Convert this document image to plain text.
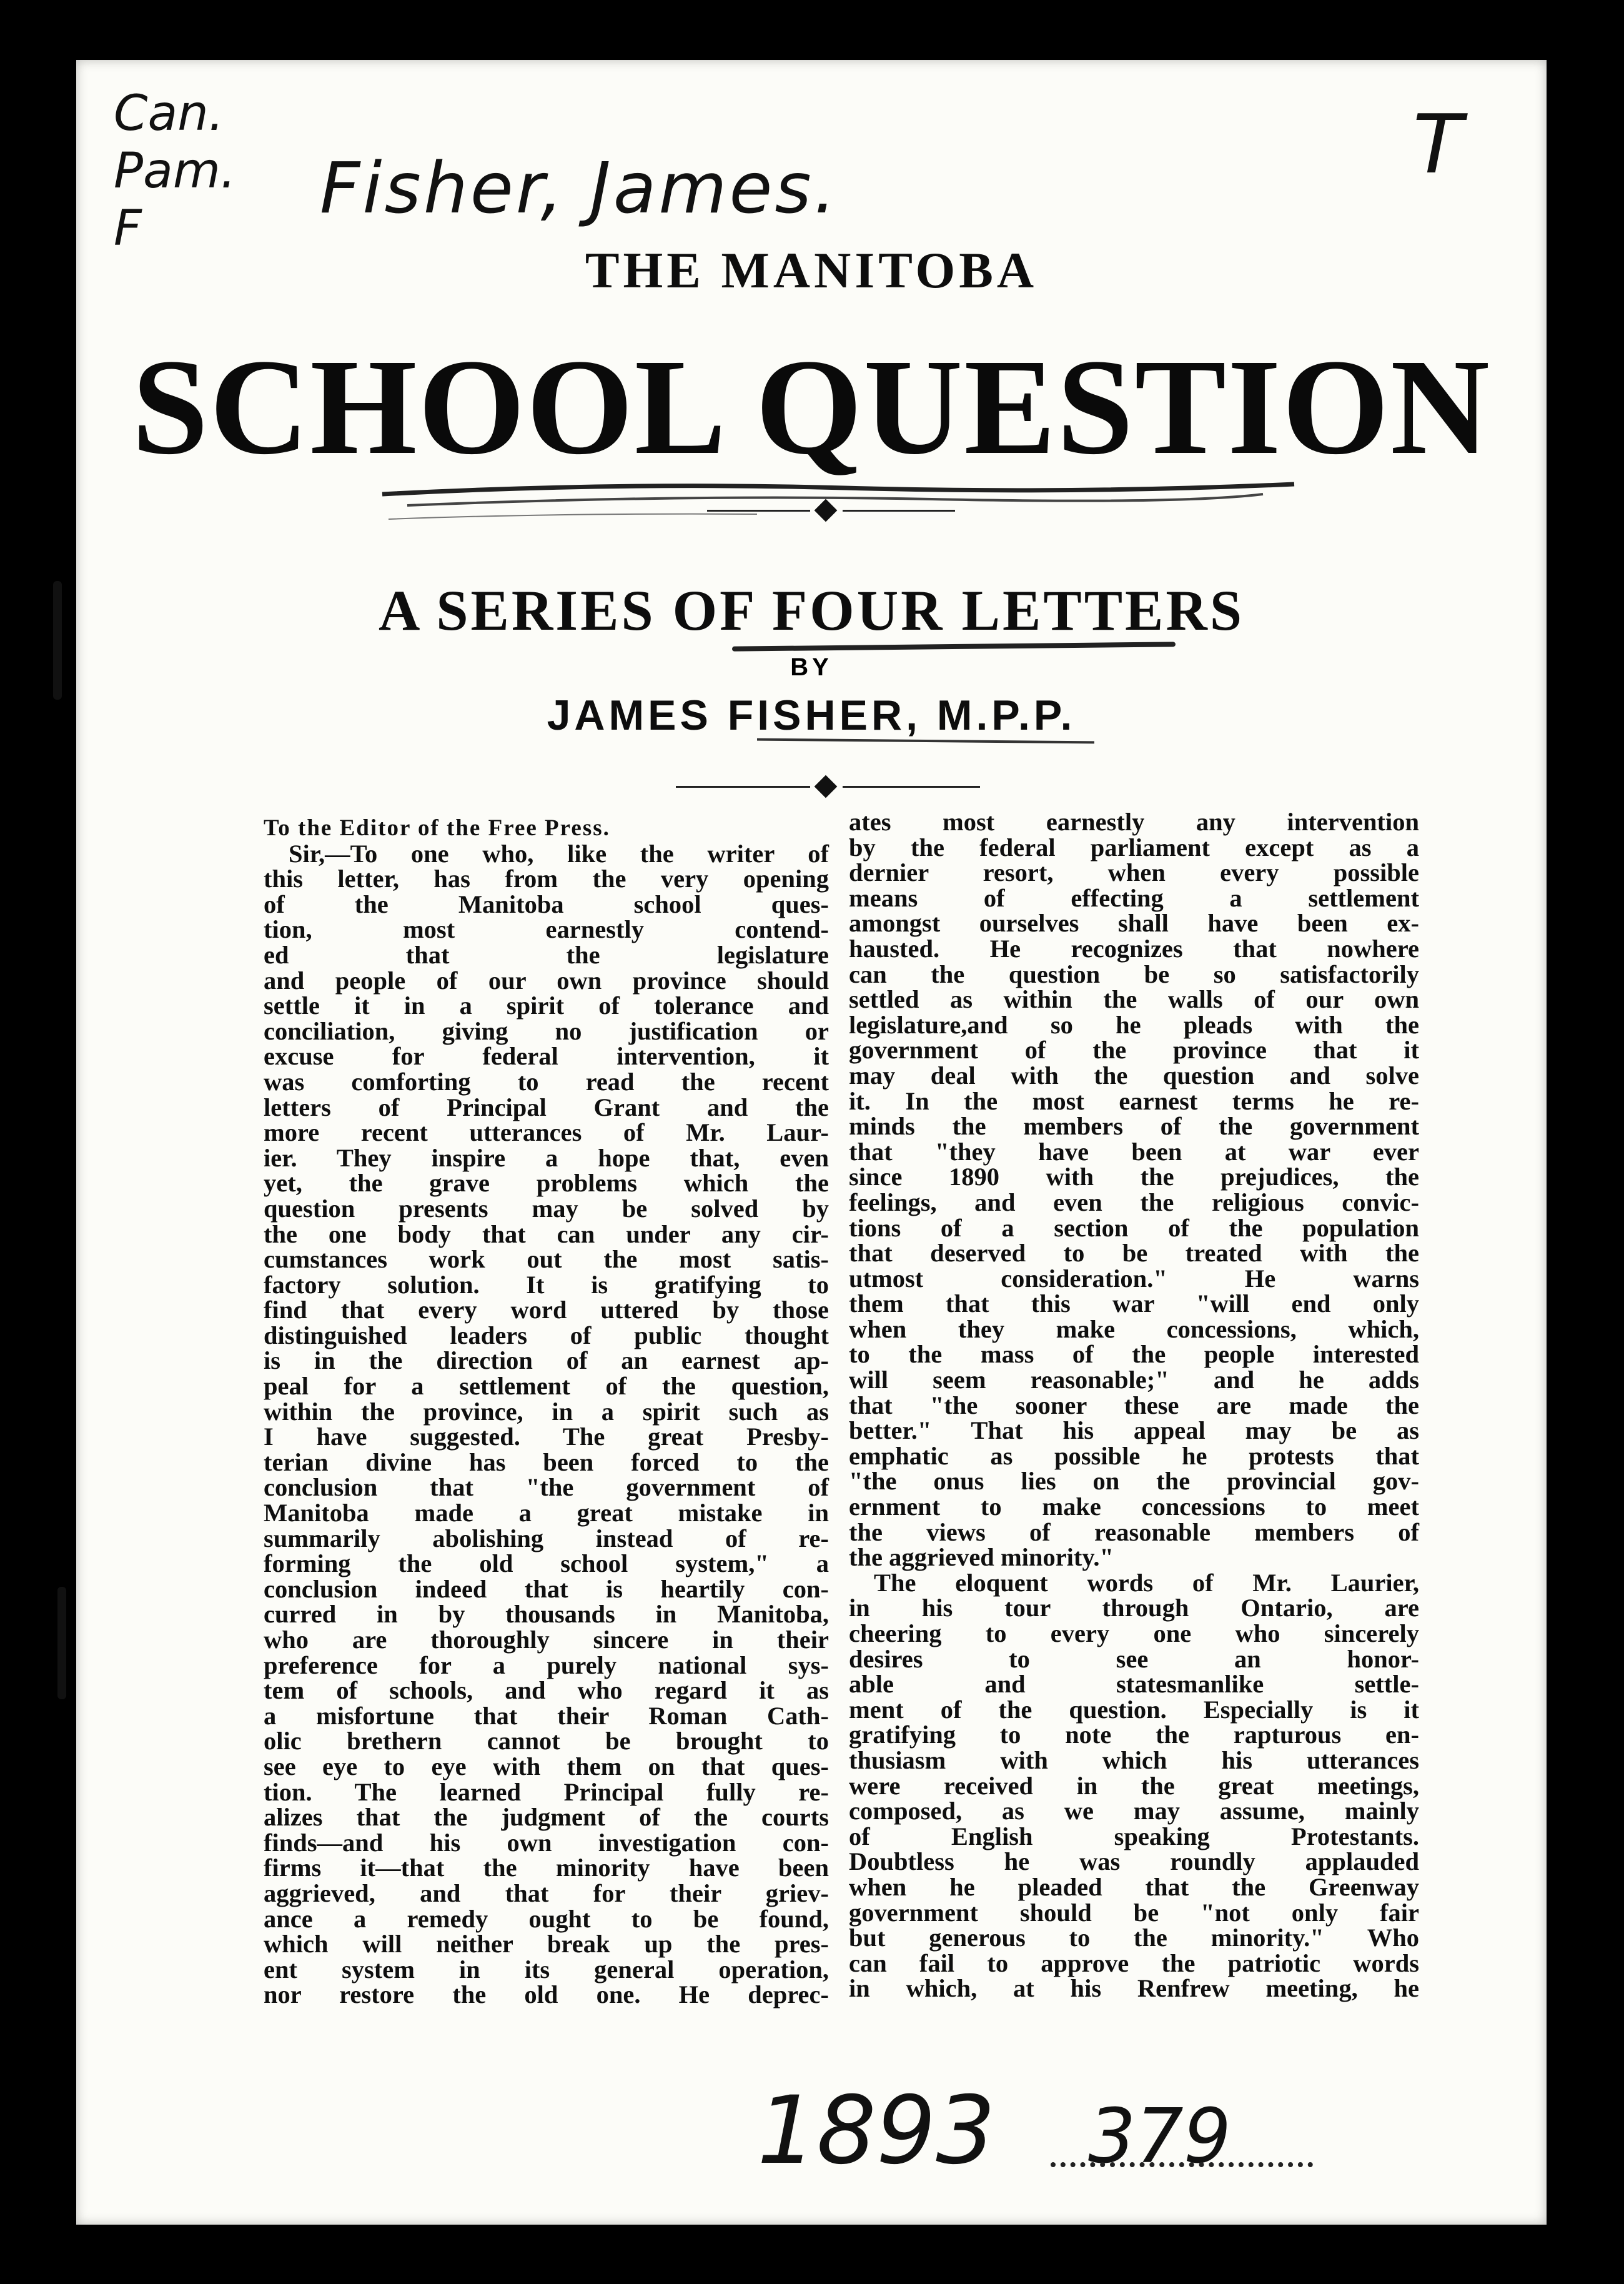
Can.
Pam.
F	Fisher, James.	T
THE MANITOBA
SCHOOL QUESTION
A SERIES OF FOUR LETTERS
BY
JAMES FISHER, M.P.P.
To the Editor of the Free Press.
Sir,—To one who, like the writer of
this letter, has from the very opening
of the Manitoba school ques-
tion, most earnestly contend-
ed that the legislature
and people of our own province should
settle it in a spirit of tolerance and
conciliation, giving no justification or
excuse for federal intervention, it
was comforting to read the recent
letters of Principal Grant and the
more recent utterances of Mr. Laur-
ier. They inspire a hope that, even
yet, the grave problems which the
question presents may be solved by
the one body that can under any cir-
cumstances work out the most satis-
factory solution. It is gratifying to
find that every word uttered by those
distinguished leaders of public thought
is in the direction of an earnest ap-
peal for a settlement of the question,
within the province, in a spirit such as
I have suggested. The great Presby-
terian divine has been forced to the
conclusion that "the government of
Manitoba made a great mistake in
summarily abolishing instead of re-
forming the old school system," a
conclusion indeed that is heartily con-
curred in by thousands in Manitoba,
who are thoroughly sincere in their
preference for a purely national sys-
tem of schools, and who regard it as
a misfortune that their Roman Cath-
olic brethern cannot be brought to
see eye to eye with them on that ques-
tion. The learned Principal fully re-
alizes that the judgment of the courts
finds—and his own investigation con-
firms it—that the minority have been
aggrieved, and that for their griev-
ance a remedy ought to be found,
which will neither break up the pres-
ent system in its general operation,
nor restore the old one. He deprec-
ates most earnestly any intervention
by the federal parliament except as a
dernier resort, when every possible
means of effecting a settlement
amongst ourselves shall have been ex-
hausted. He recognizes that nowhere
can the question be so satisfactorily
settled as within the walls of our own
legislature,and so he pleads with the
government of the province that it
may deal with the question and solve
it. In the most earnest terms he re-
minds the members of the government
that "they have been at war ever
since 1890 with the prejudices, the
feelings, and even the religious convic-
tions of a section of the population
that deserved to be treated with the
utmost consideration." He warns
them that this war "will end only
when they make concessions, which,
to the mass of the people interested
will seem reasonable;" and he adds
that "the sooner these are made the
better." That his appeal may be as
emphatic as possible he protests that
"the onus lies on the provincial gov-
ernment to make concessions to meet
the views of reasonable members of
the aggrieved minority."
The eloquent words of Mr. Laurier,
in his tour through Ontario, are
cheering to every one who sincerely
desires to see an honor-
able and statesmanlike settle-
ment of the question. Especially is it
gratifying to note the rapturous en-
thusiasm with which his utterances
were received in the great meetings,
composed, as we may assume, mainly
of English speaking Protestants.
Doubtless he was roundly applauded
when he pleaded that the Greenway
government should be "not only fair
but generous to the minority." Who
can fail to approve the patriotic words
in which, at his Renfrew meeting, he
1893 379
